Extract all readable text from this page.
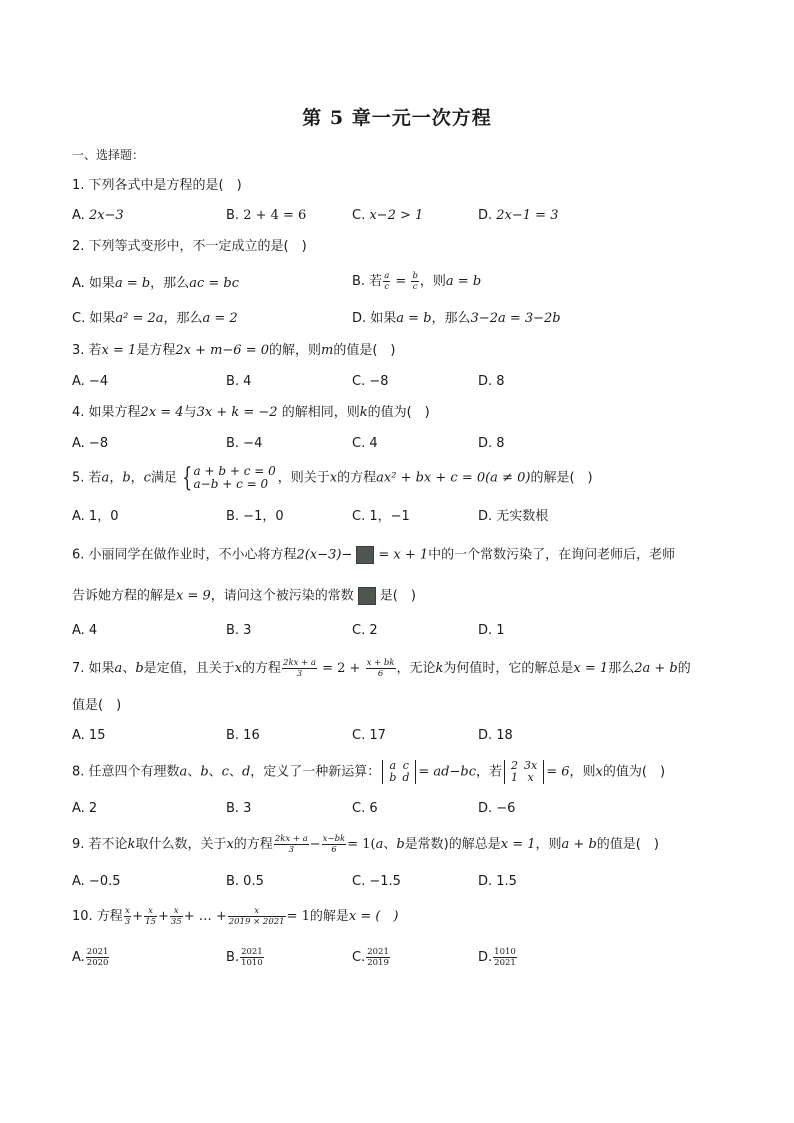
第 5 章一元一次方程
一、选择题：
1. 下列各式中是方程的是(　)
A. 2x−3	B. 2 + 4 = 6	C. x−2 > 1	D. 2x−1 = 3
2. 下列等式变形中，不一定成立的是(　)
A. 如果a = b，那么ac = bc	B. 若 $\frac{a}{c} = \frac{b}{c}$ ，则a = b
C. 如果a² = 2a，那么a = 2	D. 如果a = b，那么3−2a = 3−2b
3. 若x = 1是方程2x + m−6 = 0的解，则m的值是(　)
A. −4	B. 4	C. −8	D. 8
4. 如果方程2x = 4与3x + k = −2 的解相同，则k的值为(　)
A. −8	B. −4	C. 4	D. 8
5. 若a，b，c满足 { a + b + c = 0
a−b + c = 0 ，则关于x的方程ax² + bx + c = 0(a ≠ 0)的解是(　)
A. 1，0	B. −1，0	C. 1，−1	D. 无实数根
6. 小丽同学在做作业时，不小心将方程2(x−3)− = x + 1中的一个常数污染了，在询问老师后，老师
告诉她方程的解是x = 9，请问这个被污染的常数 是(　)
A. 4	B. 3	C. 2	D. 1
7. 如果a、b是定值，且关于x的方程 $\frac{2kx + a}{3} = 2 + \frac{x + bk}{6}$ ，无论k为何值时，它的解总是x = 1那么2a + b的
值是(　)
A. 15	B. 16	C. 17	D. 18
8. 任意四个有理数a、b、c、d，定义了一种新运算： a	c
b	d = ad−bc，若 2	3x
1	x = 6，则x的值为(　)
A. 2	B. 3	C. 6	D. −6
9. 若不论k取什么数，关于x的方程 $\frac{2kx + a}{3} - \frac{x-bk}{6} = 1(a$、b是常数)的解总是x = 1，则a + b的值是(　)
A. −0.5	B. 0.5	C. −1.5	D. 1.5
10. 方程 $\frac{x}{3} + \frac{x}{15} + \frac{x}{35}$ + … + $\frac{x}{2019 \times 2021} = 1$的解是x = (　)
A. $\frac{2021}{2020}$	B. $\frac{2021}{1010}$	C. $\frac{2021}{2019}$	D. $\frac{1010}{2021}$
